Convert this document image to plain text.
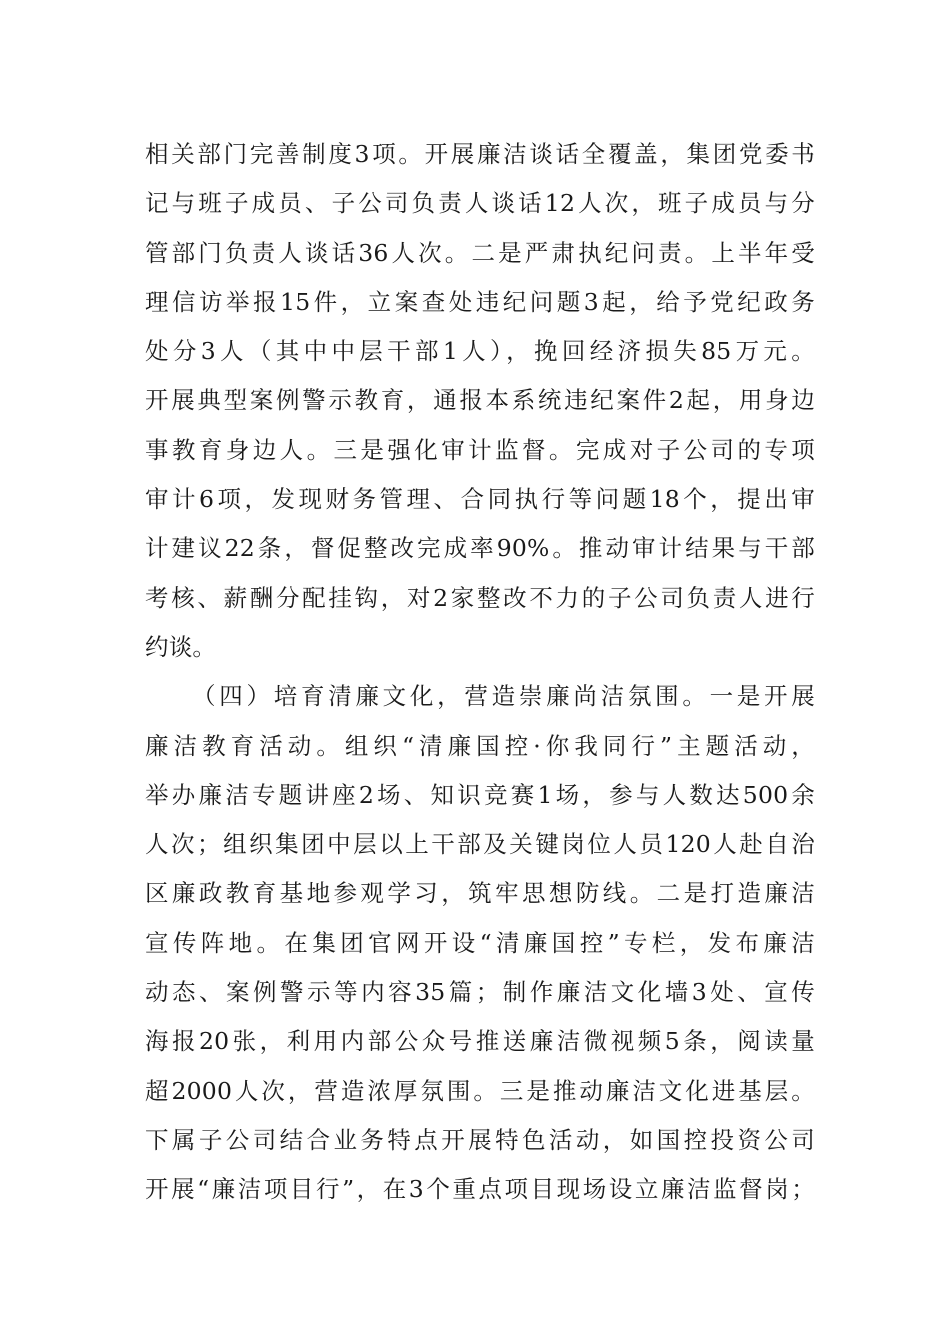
相关部门完善制度3项。开展廉洁谈话全覆盖，集团党委书
记与班子成员、子公司负责人谈话12人次，班子成员与分
管部门负责人谈话36人次。二是严肃执纪问责。上半年受
理信访举报15件，立案查处违纪问题3起，给予党纪政务
处分3人（其中中层干部1人），挽回经济损失85万元。
开展典型案例警示教育，通报本系统违纪案件2起，用身边
事教育身边人。三是强化审计监督。完成对子公司的专项
审计6项，发现财务管理、合同执行等问题18个，提出审
计建议22条，督促整改完成率90%。推动审计结果与干部
考核、薪酬分配挂钩，对2家整改不力的子公司负责人进行
约谈。
（四）培育清廉文化，营造崇廉尚洁氛围。一是开展
廉洁教育活动。组织“清廉国控·你我同行”主题活动，
举办廉洁专题讲座2场、知识竞赛1场，参与人数达500余
人次；组织集团中层以上干部及关键岗位人员120人赴自治
区廉政教育基地参观学习，筑牢思想防线。二是打造廉洁
宣传阵地。在集团官网开设“清廉国控”专栏，发布廉洁
动态、案例警示等内容35篇；制作廉洁文化墙3处、宣传
海报20张，利用内部公众号推送廉洁微视频5条，阅读量
超2000人次，营造浓厚氛围。三是推动廉洁文化进基层。
下属子公司结合业务特点开展特色活动，如国控投资公司
开展“廉洁项目行”，在3个重点项目现场设立廉洁监督岗；
